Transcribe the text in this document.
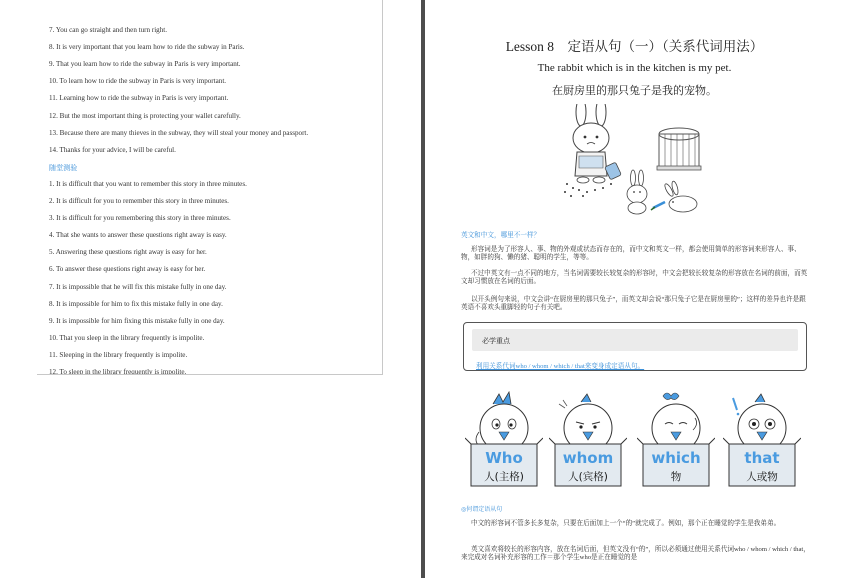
7. You can go straight and then turn right.
8. It is very important that you learn how to ride the subway in Paris.
9. That you learn how to ride the subway in Paris is very important.
10. To learn how to ride the subway in Paris is very important.
11. Learning how to ride the subway in Paris is very important.
12. But the most important thing is protecting your wallet carefully.
13. Because there are many thieves in the subway, they will steal your money and passport.
14. Thanks for your advice, I will be careful.
随堂测验
1. It is difficult that you want to remember this story in three minutes.
2. It is difficult for you to remember this story in three minutes.
3. It is difficult for you remembering this story in three minutes.
4. That she wants to answer these questions right away is easy.
5. Answering these questions right away is easy for her.
6. To answer these questions right away is easy for her.
7. It is impossible that he will fix this mistake fully in one day.
8. It is impossible for him to fix this mistake fully in one day.
9. It is impossible for him fixing this mistake fully in one day.
10. That you sleep in the library frequently is impolite.
11. Sleeping in the library frequently is impolite.
12. To sleep in the library frequently is impolite.
Lesson 8　定语从句（一）（关系代词用法）
The rabbit which is in the kitchen is my pet.
在厨房里的那只兔子是我的宠物。
英文和中文，哪里不一样？
形容词是为了形容人、事、物的外观或状态而存在的，而中文和英文一样，都会使用简单的形容词来形容人、事、物，如胖的狗、懒的猪、聪明的学生，等等。
不过中英文有一点不同的地方，当名词需要较长较复杂的形容时，中文会把较长较复杂的形容放在名词的前面，而英文却习惯放在名词的后面。
以开头例句来说，中文会讲“在厨房里的那只兔子”，而英文却会说“那只兔子它是在厨房里的”；这样的差异也许是跟英语不喜欢头重脚轻的句子有关吧。
必学重点
利用关系代词who / whom / which / that来变身成定语从句。
Who
人(主格)
whom
人(宾格)
which
物
that
人或物
◎何谓定语从句
中文的形容词不管多长多复杂，只要在后面加上一个“的”就完成了。例如，那个正在睡觉的学生是我弟弟。
英文喜欢将较长的形容内容，放在名词后面，但英文没有“的”，所以必须通过使用关系代词who / whom / which / that，来完成对名词补充形容的工作＝那个学生who是正在睡觉的是
